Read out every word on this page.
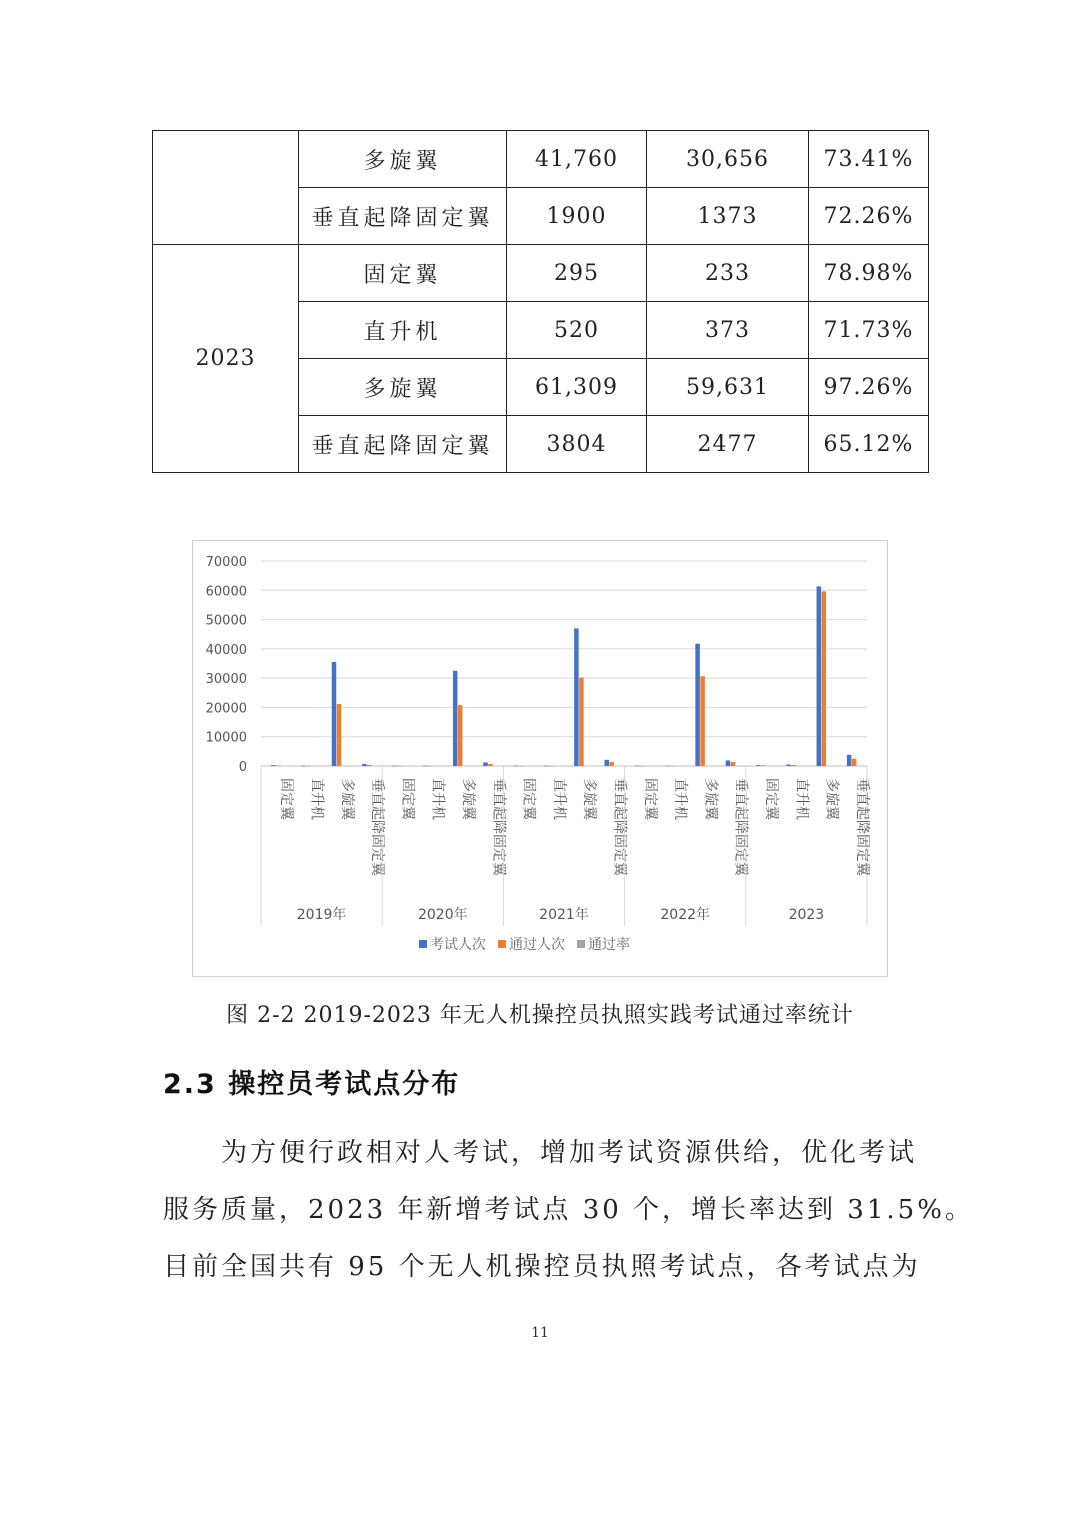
	多旋翼	41,760	30,656	73.41%
	垂直起降固定翼	1900	1373	72.26%
2023	固定翼	295	233	78.98%
	直升机	520	373	71.73%
	多旋翼	61,309	59,631	97.26%
	垂直起降固定翼	3804	2477	65.12%
0
10000
20000
30000
40000
50000
60000
70000
固定翼 直升机 多旋翼 垂直起降固定翼
2019年
固定翼 直升机 多旋翼 垂直起降固定翼
2020年
固定翼 直升机 多旋翼 垂直起降固定翼
2021年
固定翼 直升机 多旋翼 垂直起降固定翼
2022年
固定翼 直升机 多旋翼 垂直起降固定翼
2023
考试人次 通过人次 通过率
图 2-2 2019-2023 年无人机操控员执照实践考试通过率统计
2.3 操控员考试点分布
为方便行政相对人考试，增加考试资源供给，优化考试
服务质量，2023 年新增考试点 30 个，增长率达到 31.5%。
目前全国共有 95 个无人机操控员执照考试点，各考试点为
11
